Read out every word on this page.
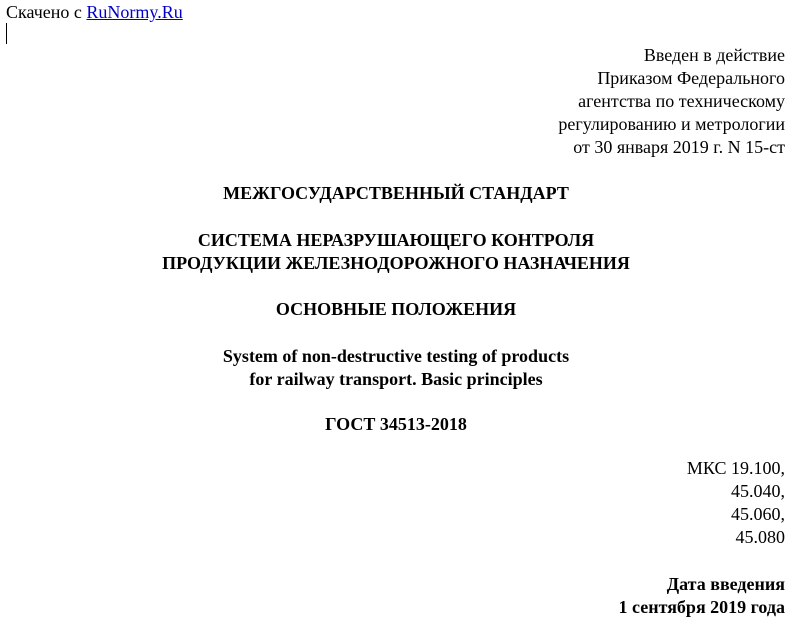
Скачено с RuNormy.Ru
Введен в действие
Приказом Федерального
агентства по техническому
регулированию и метрологии
от 30 января 2019 г. N 15-ст
МЕЖГОСУДАРСТВЕННЫЙ СТАНДАРТ
СИСТЕМА НЕРАЗРУШАЮЩЕГО КОНТРОЛЯ
ПРОДУКЦИИ ЖЕЛЕЗНОДОРОЖНОГО НАЗНАЧЕНИЯ
ОСНОВНЫЕ ПОЛОЖЕНИЯ
System of non-destructive testing of products
for railway transport. Basic principles
ГОСТ 34513-2018
МКС 19.100,
45.040,
45.060,
45.080
Дата введения
1 сентября 2019 года
